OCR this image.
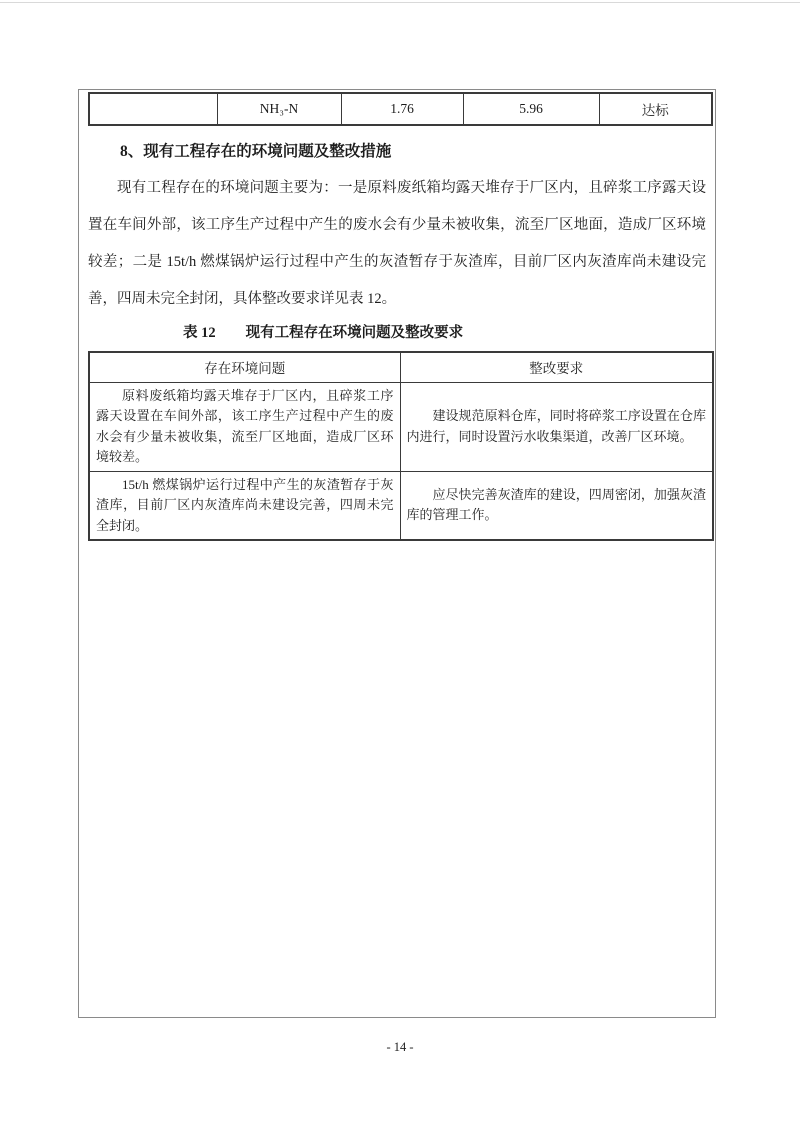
	NH₃-N	1.76	5.96	达标
8、现有工程存在的环境问题及整改措施

现有工程存在的环境问题主要为：一是原料废纸箱均露天堆存于厂区内，且碎浆工序露天设置在车间外部，该工序生产过程中产生的废水会有少量未被收集，流至厂区地面，造成厂区环境较差；二是 15t/h 燃煤锅炉运行过程中产生的灰渣暂存于灰渣库，目前厂区内灰渣库尚未建设完善，四周未完全封闭，具体整改要求详见表 12。

表 12 现有工程存在环境问题及整改要求
存在环境问题	整改要求
原料废纸箱均露天堆存于厂区内，且碎浆工序露天设置在车间外部，该工序生产过程中产生的废水会有少量未被收集，流至厂区地面，造成厂区环境较差。	建设规范原料仓库，同时将碎浆工序设置在仓库内进行，同时设置污水收集渠道，改善厂区环境。
15t/h 燃煤锅炉运行过程中产生的灰渣暂存于灰渣库，目前厂区内灰渣库尚未建设完善，四周未完全封闭。	应尽快完善灰渣库的建设，四周密闭，加强灰渣库的管理工作。
- 14 -
